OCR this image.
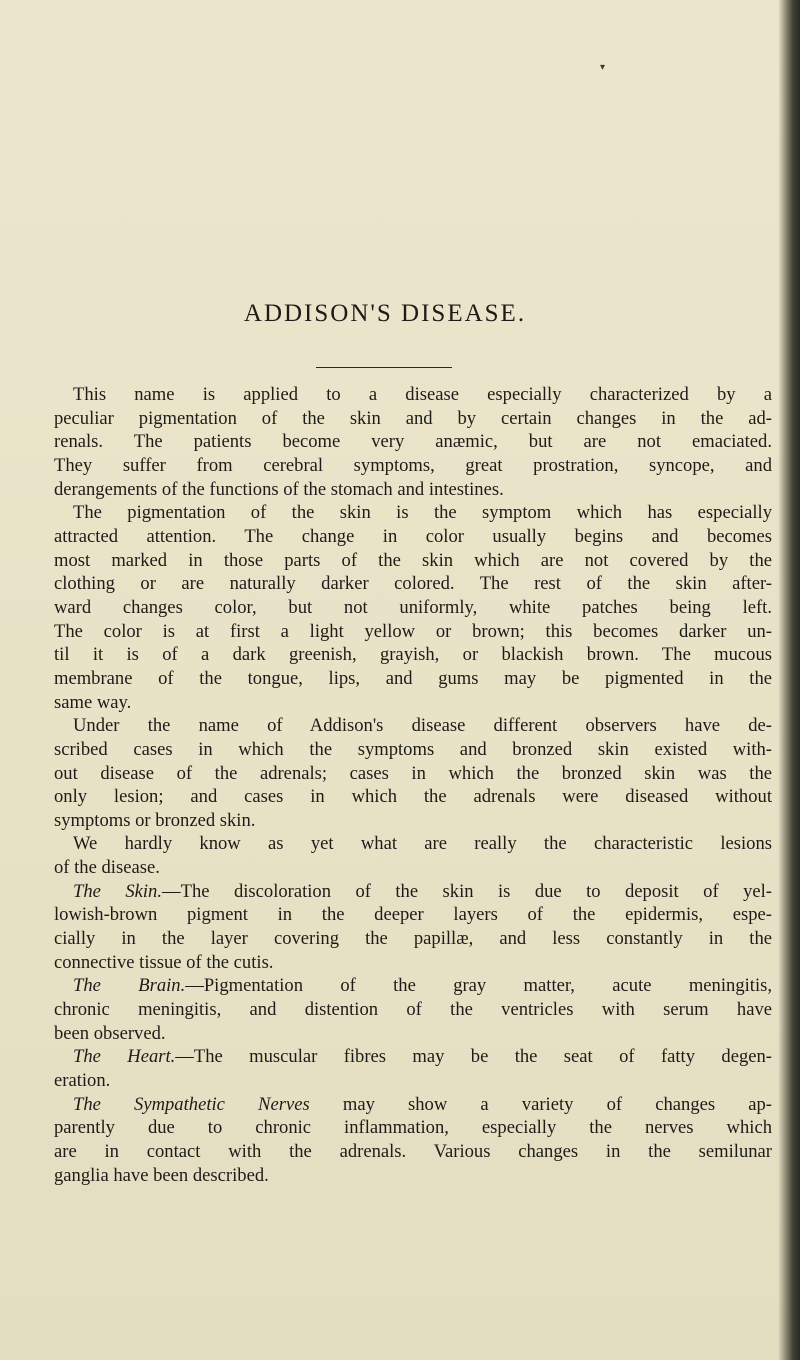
▾
ADDISON'S DISEASE.
This name is applied to a disease especially characterized by a
peculiar pigmentation of the skin and by certain changes in the ad-
renals. The patients become very anæmic, but are not emaciated.
They suffer from cerebral symptoms, great prostration, syncope, and
derangements of the functions of the stomach and intestines.
The pigmentation of the skin is the symptom which has especially
attracted attention. The change in color usually begins and becomes
most marked in those parts of the skin which are not covered by the
clothing or are naturally darker colored. The rest of the skin after-
ward changes color, but not uniformly, white patches being left.
The color is at first a light yellow or brown; this becomes darker un-
til it is of a dark greenish, grayish, or blackish brown. The mucous
membrane of the tongue, lips, and gums may be pigmented in the
same way.
Under the name of Addison's disease different observers have de-
scribed cases in which the symptoms and bronzed skin existed with-
out disease of the adrenals; cases in which the bronzed skin was the
only lesion; and cases in which the adrenals were diseased without
symptoms or bronzed skin.
We hardly know as yet what are really the characteristic lesions
of the disease.
The Skin.—The discoloration of the skin is due to deposit of yel-
lowish-brown pigment in the deeper layers of the epidermis, espe-
cially in the layer covering the papillæ, and less constantly in the
connective tissue of the cutis.
The Brain.—Pigmentation of the gray matter, acute meningitis,
chronic meningitis, and distention of the ventricles with serum have
been observed.
The Heart.—The muscular fibres may be the seat of fatty degen-
eration.
The Sympathetic Nerves may show a variety of changes ap-
parently due to chronic inflammation, especially the nerves which
are in contact with the adrenals. Various changes in the semilunar
ganglia have been described.
